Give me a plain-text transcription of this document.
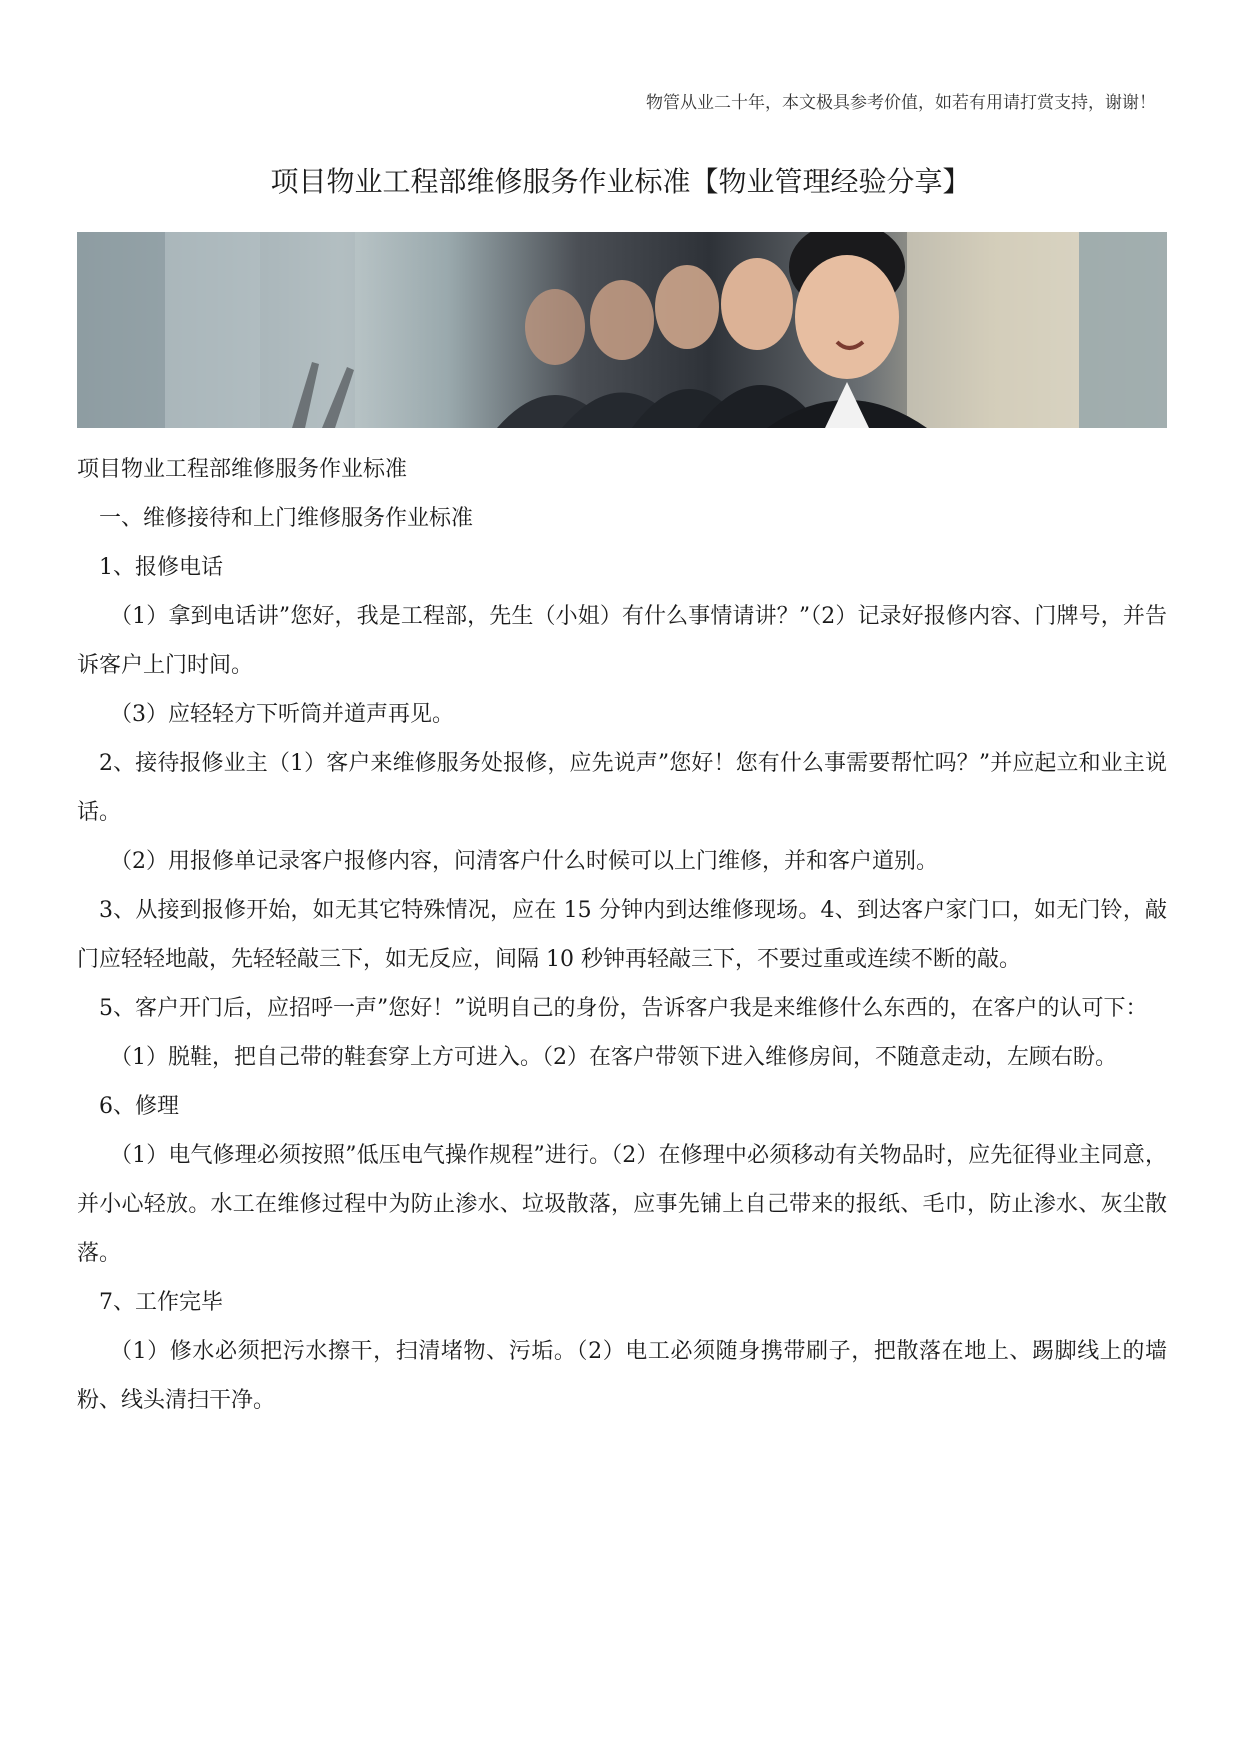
物管从业二十年，本文极具参考价值，如若有用请打赏支持，谢谢！
项目物业工程部维修服务作业标准【物业管理经验分享】

项目物业工程部维修服务作业标准

一、维修接待和上门维修服务作业标准

1、报修电话

（1）拿到电话讲”您好，我是工程部，先生（小姐）有什么事情请讲？”（2）记录好报修内容、门牌号，并告诉客户上门时间。

（3）应轻轻方下听筒并道声再见。

2、接待报修业主（1）客户来维修服务处报修，应先说声”您好！您有什么事需要帮忙吗？”并应起立和业主说话。

（2）用报修单记录客户报修内容，问清客户什么时候可以上门维修，并和客户道别。

3、从接到报修开始，如无其它特殊情况，应在 15 分钟内到达维修现场。4、到达客户家门口，如无门铃，敲门应轻轻地敲，先轻轻敲三下，如无反应，间隔 10 秒钟再轻敲三下，不要过重或连续不断的敲。

5、客户开门后，应招呼一声”您好！”说明自己的身份，告诉客户我是来维修什么东西的，在客户的认可下：

（1）脱鞋，把自己带的鞋套穿上方可进入。（2）在客户带领下进入维修房间，不随意走动，左顾右盼。

6、修理

（1）电气修理必须按照”低压电气操作规程”进行。（2）在修理中必须移动有关物品时，应先征得业主同意，并小心轻放。水工在维修过程中为防止渗水、垃圾散落，应事先铺上自己带来的报纸、毛巾，防止渗水、灰尘散落。

7、工作完毕

（1）修水必须把污水擦干，扫清堵物、污垢。（2）电工必须随身携带刷子，把散落在地上、踢脚线上的墙粉、线头清扫干净。
